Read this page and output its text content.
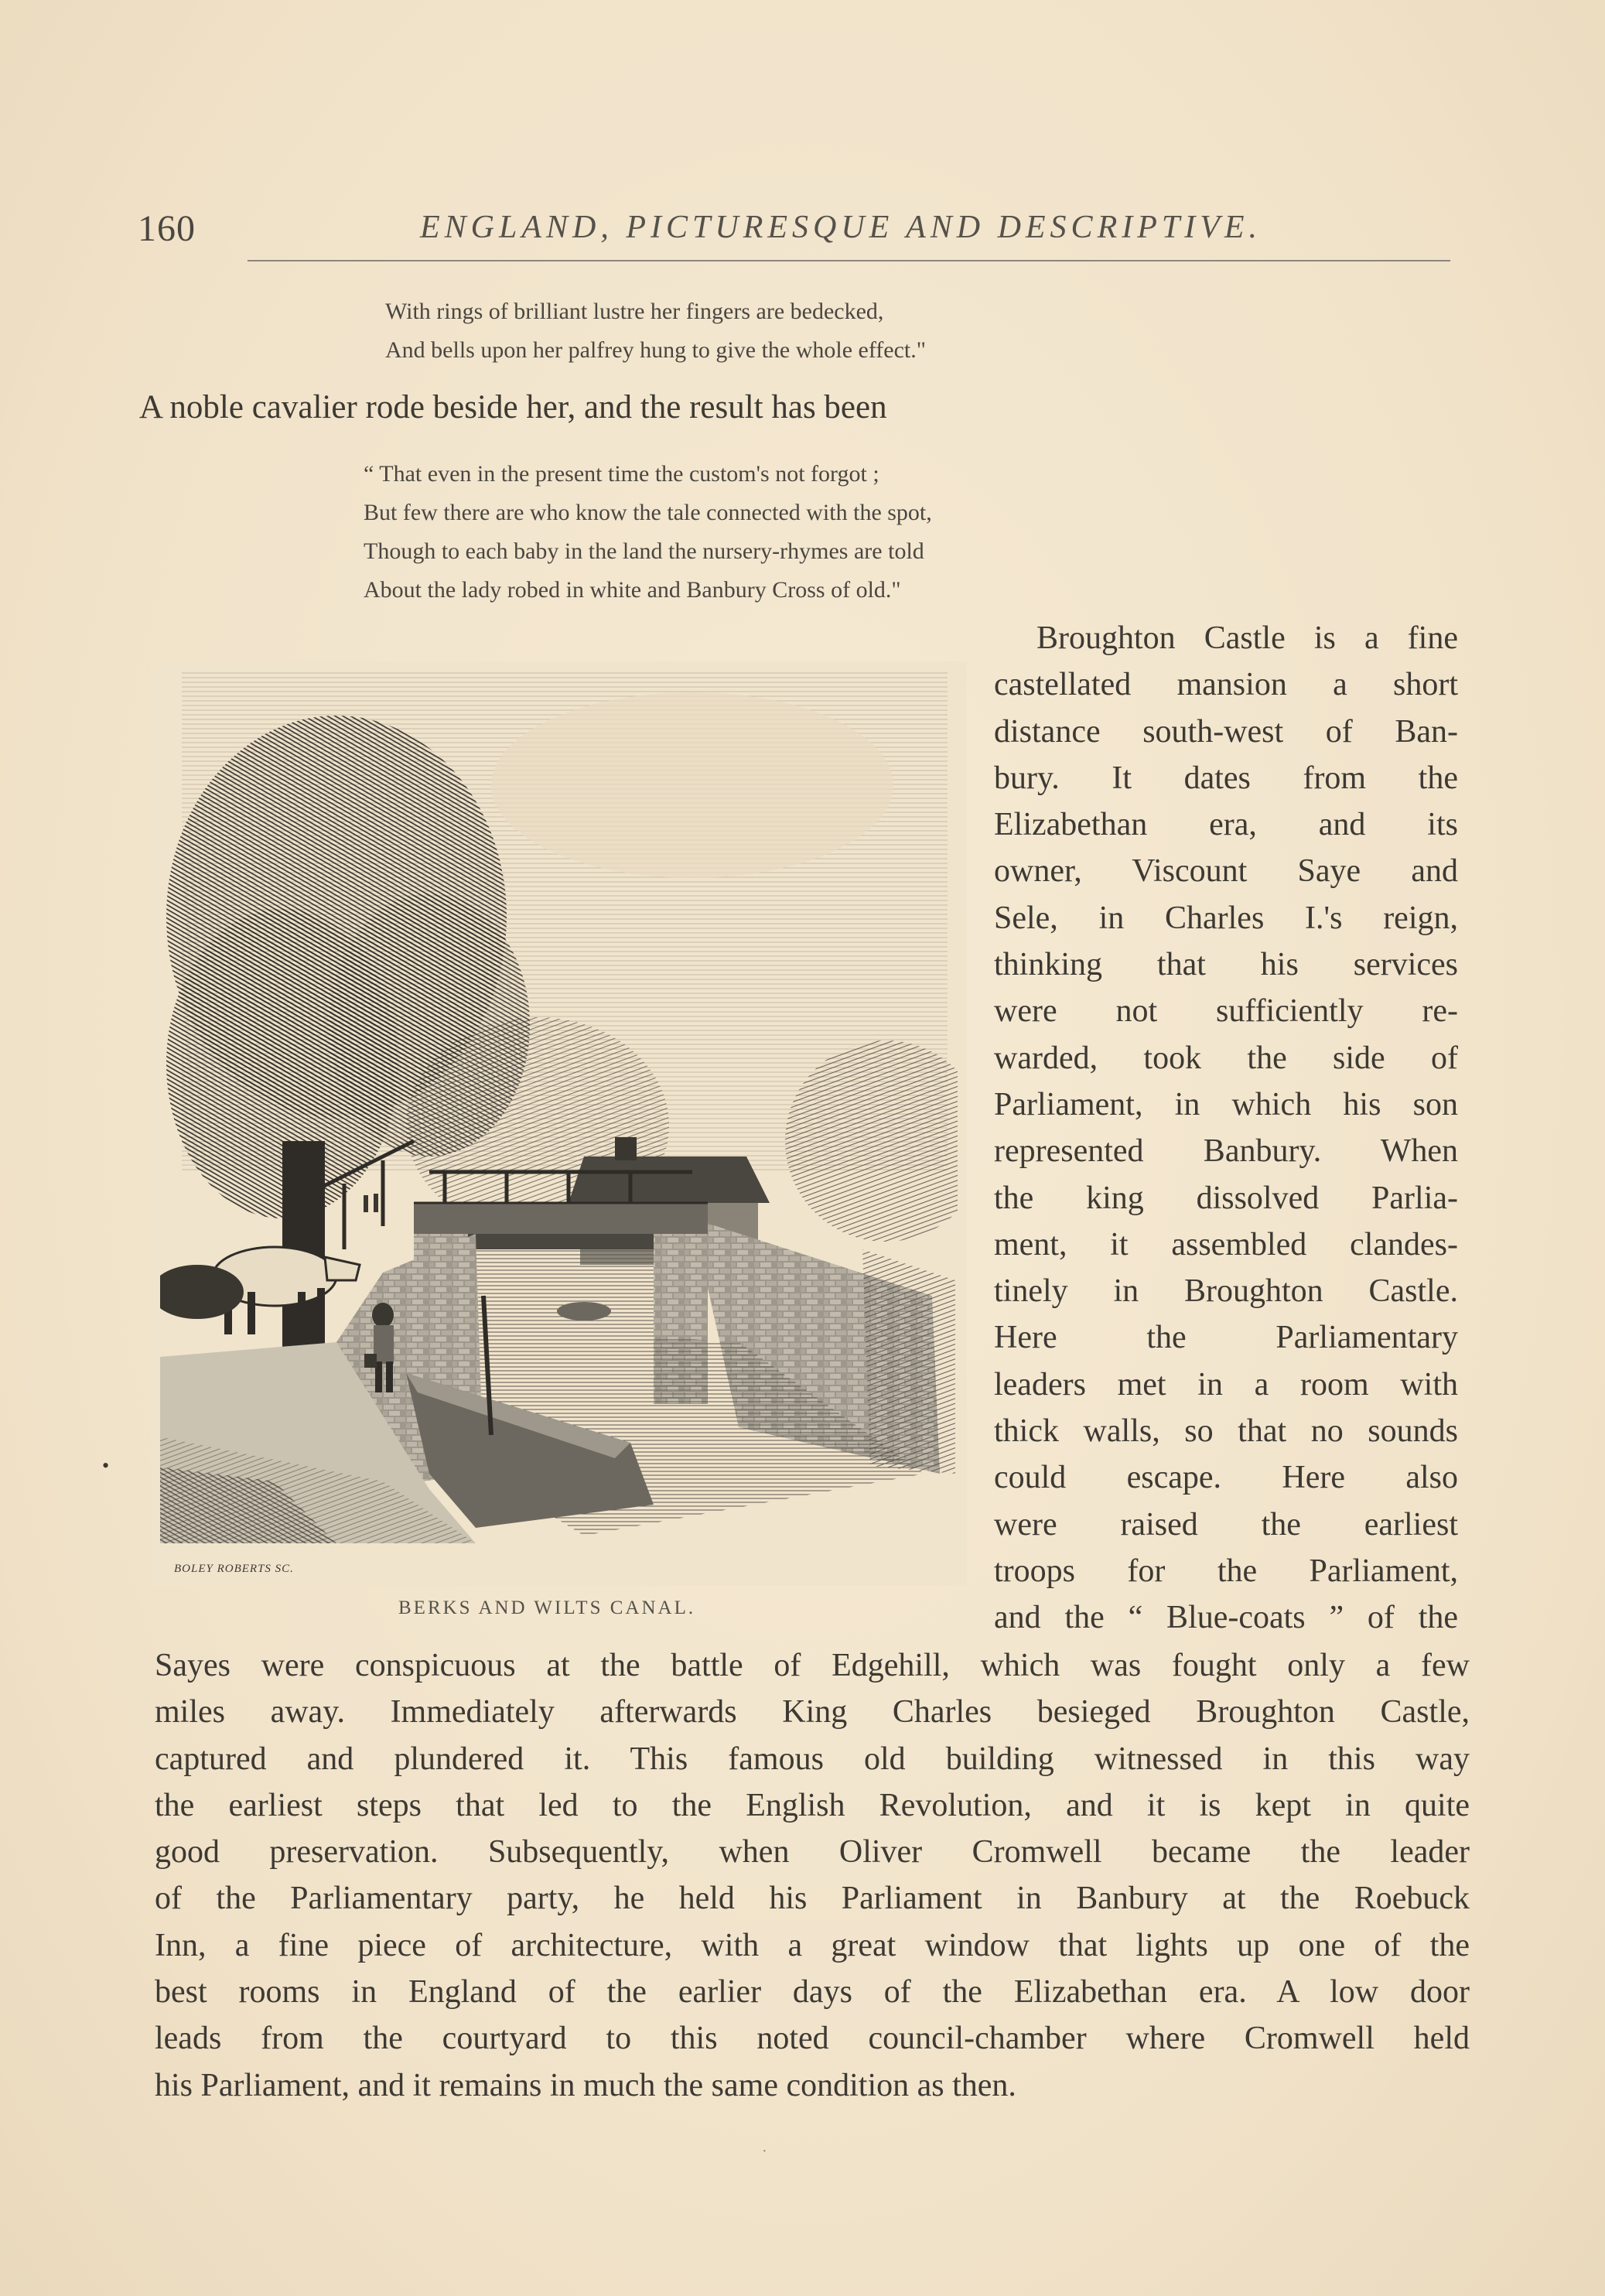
160	ENGLAND, PICTURESQUE AND DESCRIPTIVE.
With rings of brilliant lustre her fingers are bedecked,
And bells upon her palfrey hung to give the whole effect."
A noble cavalier rode beside her, and the result has been
“ That even in the present time the custom's not forgot ;
But few there are who know the tale connected with the spot,
Though to each baby in the land the nursery-rhymes are told
About the lady robed in white and Banbury Cross of old."
Broughton Castle is a fine
castellated mansion a short
distance south-west of Ban-
bury. It dates from the
Elizabethan era, and its
owner, Viscount Saye and
Sele, in Charles I.'s reign,
thinking that his services
were not sufficiently re-
warded, took the side of
Parliament, in which his son
represented Banbury. When
the king dissolved Parlia-
ment, it assembled clandes-
tinely in Broughton Castle.
Here the Parliamentary
leaders met in a room with
thick walls, so that no sounds
could escape. Here also
were raised the earliest
troops for the Parliament,
and the “ Blue-coats ” of the
BOLEY ROBERTS SC.
BERKS AND WILTS CANAL.
Sayes were conspicuous at the battle of Edgehill, which was fought only a few
miles away. Immediately afterwards King Charles besieged Broughton Castle,
captured and plundered it. This famous old building witnessed in this way
the earliest steps that led to the English Revolution, and it is kept in quite
good preservation. Subsequently, when Oliver Cromwell became the leader
of the Parliamentary party, he held his Parliament in Banbury at the Roebuck
Inn, a fine piece of architecture, with a great window that lights up one of the
best rooms in England of the earlier days of the Elizabethan era. A low door
leads from the courtyard to this noted council-chamber where Cromwell held
his Parliament, and it remains in much the same condition as then.
·
•
